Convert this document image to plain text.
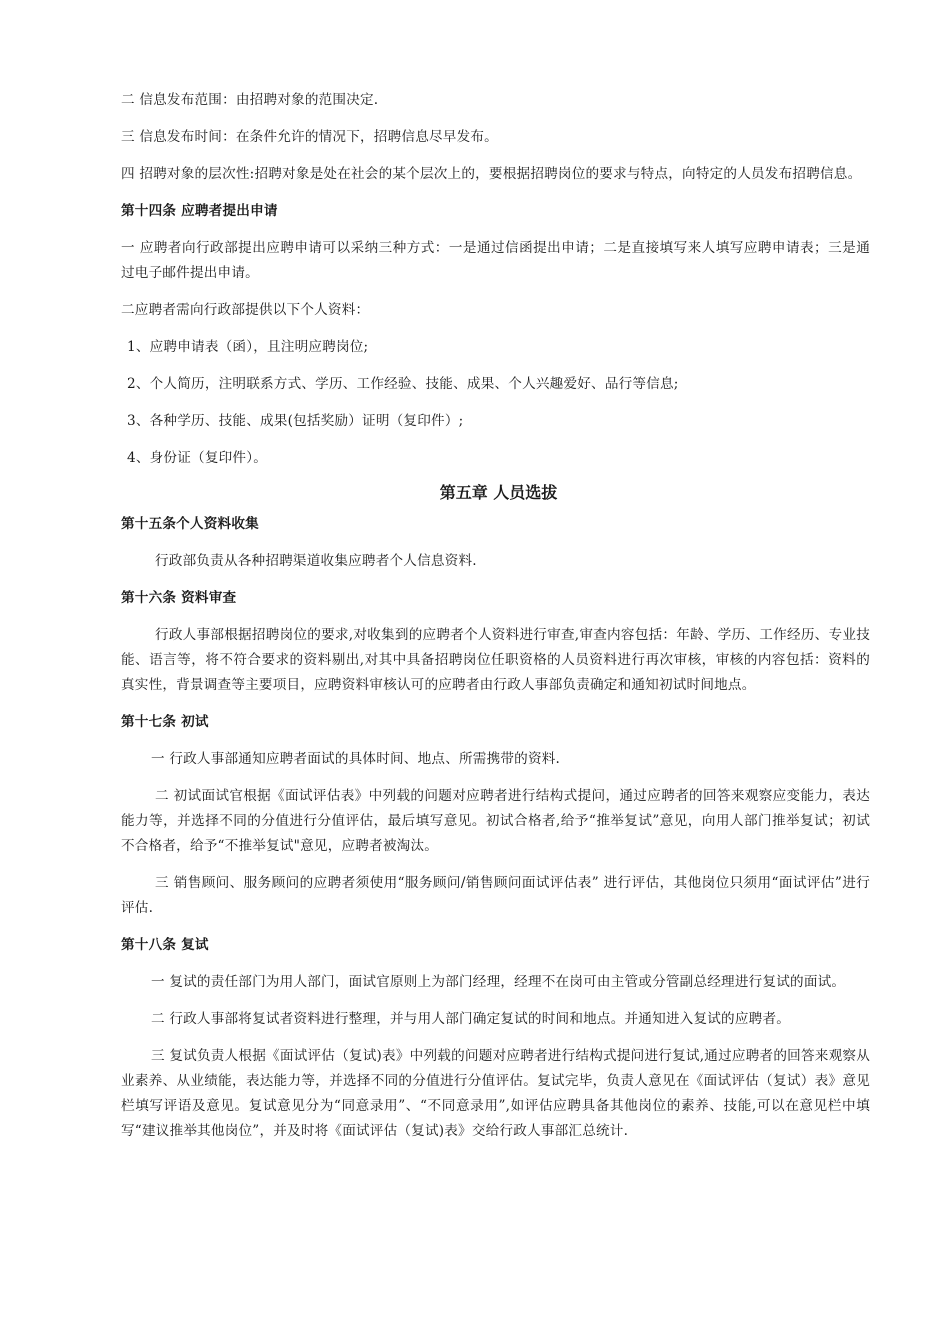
二 信息发布范围：由招聘对象的范围决定.

三 信息发布时间：在条件允许的情况下，招聘信息尽早发布。

四 招聘对象的层次性:招聘对象是处在社会的某个层次上的，要根据招聘岗位的要求与特点，向特定的人员发布招聘信息。

第十四条 应聘者提出申请

一 应聘者向行政部提出应聘申请可以采纳三种方式：一是通过信函提出申请；二是直接填写来人填写应聘申请表；三是通过电子邮件提出申请。

二应聘者需向行政部提供以下个人资料：

1、应聘申请表（函），且注明应聘岗位;

2、个人简历，注明联系方式、学历、工作经验、技能、成果、个人兴趣爱好、品行等信息;

3、各种学历、技能、成果(包括奖励）证明（复印件）;

4、身份证（复印件）。

第五章 人员选拔

第十五条个人资料收集

行政部负责从各种招聘渠道收集应聘者个人信息资料.

第十六条 资料审查

行政人事部根据招聘岗位的要求,对收集到的应聘者个人资料进行审查,审查内容包括：年龄、学历、工作经历、专业技能、语言等，将不符合要求的资料剔出,对其中具备招聘岗位任职资格的人员资料进行再次审核，审核的内容包括：资料的真实性，背景调查等主要项目，应聘资料审核认可的应聘者由行政人事部负责确定和通知初试时间地点。

第十七条 初试

一 行政人事部通知应聘者面试的具体时间、地点、所需携带的资料.

二 初试面试官根据《面试评估表》中列载的问题对应聘者进行结构式提问，通过应聘者的回答来观察应变能力，表达能力等，并选择不同的分值进行分值评估，最后填写意见。初试合格者,给予“推举复试”意见，向用人部门推举复试；初试不合格者，给予“不推举复试"意见，应聘者被淘汰。

三 销售顾问、服务顾问的应聘者须使用“服务顾问/销售顾问面试评估表” 进行评估，其他岗位只须用“面试评估”进行评估.

第十八条 复试

一 复试的责任部门为用人部门，面试官原则上为部门经理，经理不在岗可由主管或分管副总经理进行复试的面试。

二 行政人事部将复试者资料进行整理，并与用人部门确定复试的时间和地点。并通知进入复试的应聘者。

三 复试负责人根据《面试评估（复试)表》中列载的问题对应聘者进行结构式提问进行复试,通过应聘者的回答来观察从业素养、从业绩能，表达能力等，并选择不同的分值进行分值评估。复试完毕，负责人意见在《面试评估（复试）表》意见栏填写评语及意见。复试意见分为“同意录用”、“不同意录用”,如评估应聘具备其他岗位的素养、技能,可以在意见栏中填写“建议推举其他岗位”，并及时将《面试评估（复试)表》交给行政人事部汇总统计.
